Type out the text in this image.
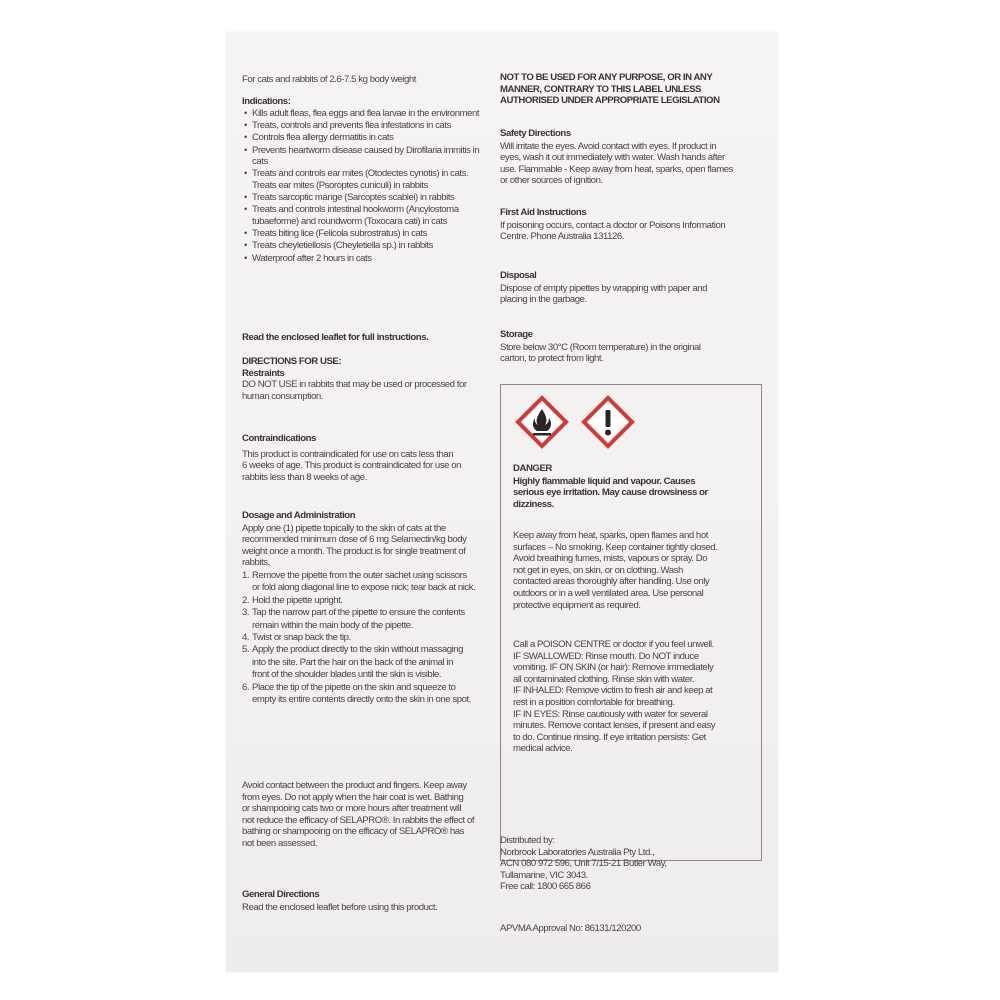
For cats and rabbits of 2.6-7.5 kg body weight
Indications:
• Kills adult fleas, flea eggs and flea larvae in the environment
• Treats, controls and prevents flea infestations in cats
• Controls flea allergy dermatitis in cats
• Prevents heartworm disease caused by Dirofilaria immitis in
cats
• Treats and controls ear mites (Otodectes cynotis) in cats.
Treats ear mites (Psoroptes cuniculi) in rabbits
• Treats sarcoptic mange (Sarcoptes scabiei) in rabbits
• Treats and controls intestinal hookworm (Ancylostoma
tubaeforme) and roundworm (Toxocara cati) in cats
• Treats biting lice (Felicola subrostratus) in cats
• Treats cheyletiellosis (Cheyletiella sp.) in rabbits
• Waterproof after 2 hours in cats
Read the enclosed leaflet for full instructions.
DIRECTIONS FOR USE:
Restraints
DO NOT USE in rabbits that may be used or processed for
human consumption.
Contraindications
This product is contraindicated for use on cats less than
6 weeks of age. This product is contraindicated for use on
rabbits less than 8 weeks of age.
Dosage and Administration
Apply one (1) pipette topically to the skin of cats at the
recommended minimum dose of 6 mg Selamectin/kg body
weight once a month. The product is for single treatment of
rabbits.
1. Remove the pipette from the outer sachet using scissors
or fold along diagonal line to expose nick; tear back at nick.
2. Hold the pipette upright.
3. Tap the narrow part of the pipette to ensure the contents
remain within the main body of the pipette.
4. Twist or snap back the tip.
5. Apply the product directly to the skin without massaging
into the site. Part the hair on the back of the animal in
front of the shoulder blades until the skin is visible.
6. Place the tip of the pipette on the skin and squeeze to
empty its entire contents directly onto the skin in one spot.
Avoid contact between the product and fingers. Keep away
from eyes. Do not apply when the hair coat is wet. Bathing
or shampooing cats two or more hours after treatment will
not reduce the efficacy of SELAPRO®. In rabbits the effect of
bathing or shampooing on the efficacy of SELAPRO® has
not been assessed.
General Directions
Read the enclosed leaflet before using this product.
DANGER
Highly flammable liquid and vapour. Causes
serious eye irritation. May cause drowsiness or
dizziness.
Keep away from heat, sparks, open flames and hot
surfaces – No smoking. Keep container tightly closed.
Avoid breathing fumes, mists, vapours or spray. Do
not get in eyes, on skin, or on clothing. Wash
contacted areas thoroughly after handling. Use only
outdoors or in a well ventilated area. Use personal
protective equipment as required.
Call a POISON CENTRE or doctor if you feel unwell.
IF SWALLOWED: Rinse mouth. Do NOT induce
vomiting. IF ON SKIN (or hair): Remove immediately
all contaminated clothing. Rinse skin with water.
IF INHALED: Remove victim to fresh air and keep at
rest in a position comfortable for breathing.
IF IN EYES: Rinse cautiously with water for several
minutes. Remove contact lenses, if present and easy
to do. Continue rinsing. If eye irritation persists: Get
medical advice.
NOT TO BE USED FOR ANY PURPOSE, OR IN ANY
MANNER, CONTRARY TO THIS LABEL UNLESS
AUTHORISED UNDER APPROPRIATE LEGISLATION
Safety Directions
Will irritate the eyes. Avoid contact with eyes. If product in
eyes, wash it out immediately with water. Wash hands after
use. Flammable - Keep away from heat, sparks, open flames
or other sources of ignition.
First Aid Instructions
If poisoning occurs, contact a doctor or Poisons Information
Centre. Phone Australia 131126.
Disposal
Dispose of empty pipettes by wrapping with paper and
placing in the garbage.
Storage
Store below 30°C (Room temperature) in the original
carton, to protect from light.
Distributed by:
Norbrook Laboratories Australia Pty Ltd.,
ACN 080 972 596, Unit 7/15-21 Butler Way,
Tullamarine, VIC 3043.
Free call: 1800 665 866
APVMA Approval No: 86131/120200
